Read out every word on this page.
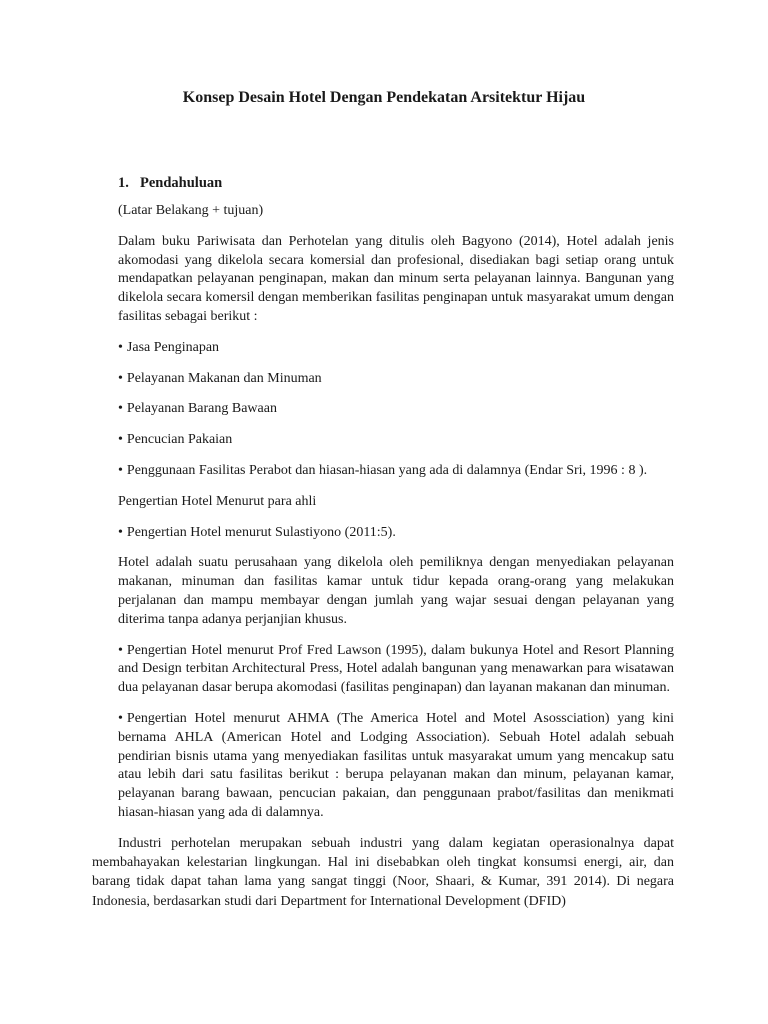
Konsep Desain Hotel Dengan Pendekatan Arsitektur Hijau
1. Pendahuluan

(Latar Belakang + tujuan)

Dalam buku Pariwisata dan Perhotelan yang ditulis oleh Bagyono (2014), Hotel adalah jenis akomodasi yang dikelola secara komersial dan profesional, disediakan bagi setiap orang untuk mendapatkan pelayanan penginapan, makan dan minum serta pelayanan lainnya. Bangunan yang dikelola secara komersil dengan memberikan fasilitas penginapan untuk masyarakat umum dengan fasilitas sebagai berikut :

• Jasa Penginapan

• Pelayanan Makanan dan Minuman

• Pelayanan Barang Bawaan

• Pencucian Pakaian

• Penggunaan Fasilitas Perabot dan hiasan-hiasan yang ada di dalamnya (Endar Sri, 1996 : 8 ).

Pengertian Hotel Menurut para ahli

• Pengertian Hotel menurut Sulastiyono (2011:5).

Hotel adalah suatu perusahaan yang dikelola oleh pemiliknya dengan menyediakan pelayanan makanan, minuman dan fasilitas kamar untuk tidur kepada orang-orang yang melakukan perjalanan dan mampu membayar dengan jumlah yang wajar sesuai dengan pelayanan yang diterima tanpa adanya perjanjian khusus.

• Pengertian Hotel menurut Prof Fred Lawson (1995), dalam bukunya Hotel and Resort Planning and Design terbitan Architectural Press, Hotel adalah bangunan yang menawarkan para wisatawan dua pelayanan dasar berupa akomodasi (fasilitas penginapan) dan layanan makanan dan minuman.

• Pengertian Hotel menurut AHMA (The America Hotel and Motel Asossciation) yang kini bernama AHLA (American Hotel and Lodging Association). Sebuah Hotel adalah sebuah pendirian bisnis utama yang menyediakan fasilitas untuk masyarakat umum yang mencakup satu atau lebih dari satu fasilitas berikut : berupa pelayanan makan dan minum, pelayanan kamar, pelayanan barang bawaan, pencucian pakaian, dan penggunaan prabot/fasilitas dan menikmati hiasan-hiasan yang ada di dalamnya.

Industri perhotelan merupakan sebuah industri yang dalam kegiatan operasionalnya dapat membahayakan kelestarian lingkungan. Hal ini disebabkan oleh tingkat konsumsi energi, air, dan barang tidak dapat tahan lama yang sangat tinggi (Noor, Shaari, & Kumar, 391 2014). Di negara Indonesia, berdasarkan studi dari Department for International Development (DFID)
